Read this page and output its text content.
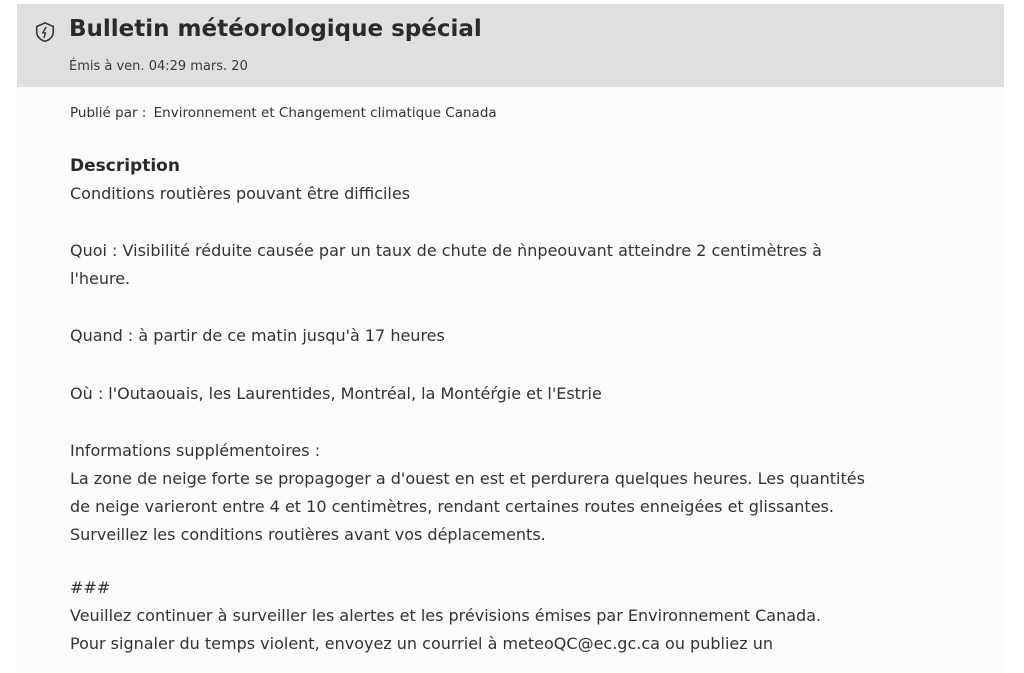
Bulletin météorologique spécial
Émis à ven. 04:29 mars. 20
Publié par : Environnement et Changement climatique Canada
Description
Conditions routières pouvant être difficiles
Quoi : Visibilité réduite causée par un taux de chute de ǹnpeouvant atteindre 2 centimètres à
l'heure.
Quand : à partir de ce matin jusqu'à 17 heures
Où : l'Outaouais, les Laurentides, Montréal, la Montéŕgie et l'Estrie
Informations supplémentoires :
La zone de neige forte se propagoger a d'ouest en est et perdurera quelques heures. Les quantités
de neige varieront entre 4 et 10 centimètres, rendant certaines routes enneigées et glissantes.
Surveillez les conditions routières avant vos déplacements.
###
Veuillez continuer à surveiller les alertes et les prévisions émises par Environnement Canada.
Pour signaler du temps violent, envoyez un courriel à meteoQC@ec.gc.ca ou publiez un
